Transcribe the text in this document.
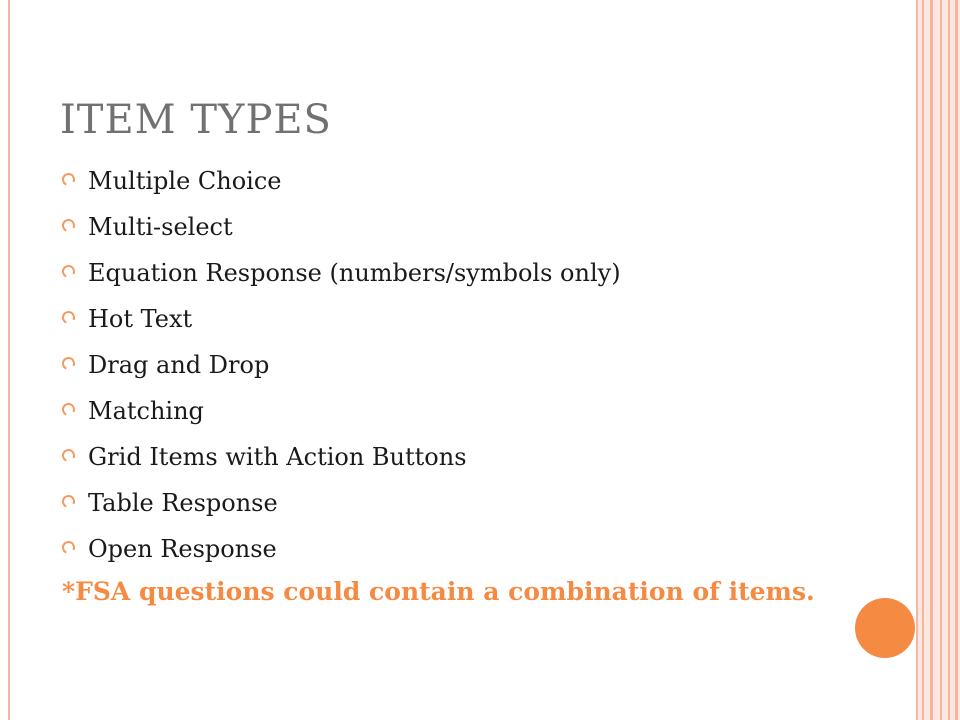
ITEM TYPES
Multiple Choice
Multi-select
Equation Response (numbers/symbols only)
Hot Text
Drag and Drop
Matching
Grid Items with Action Buttons
Table Response
Open Response

*FSA questions could contain a combination of items.
